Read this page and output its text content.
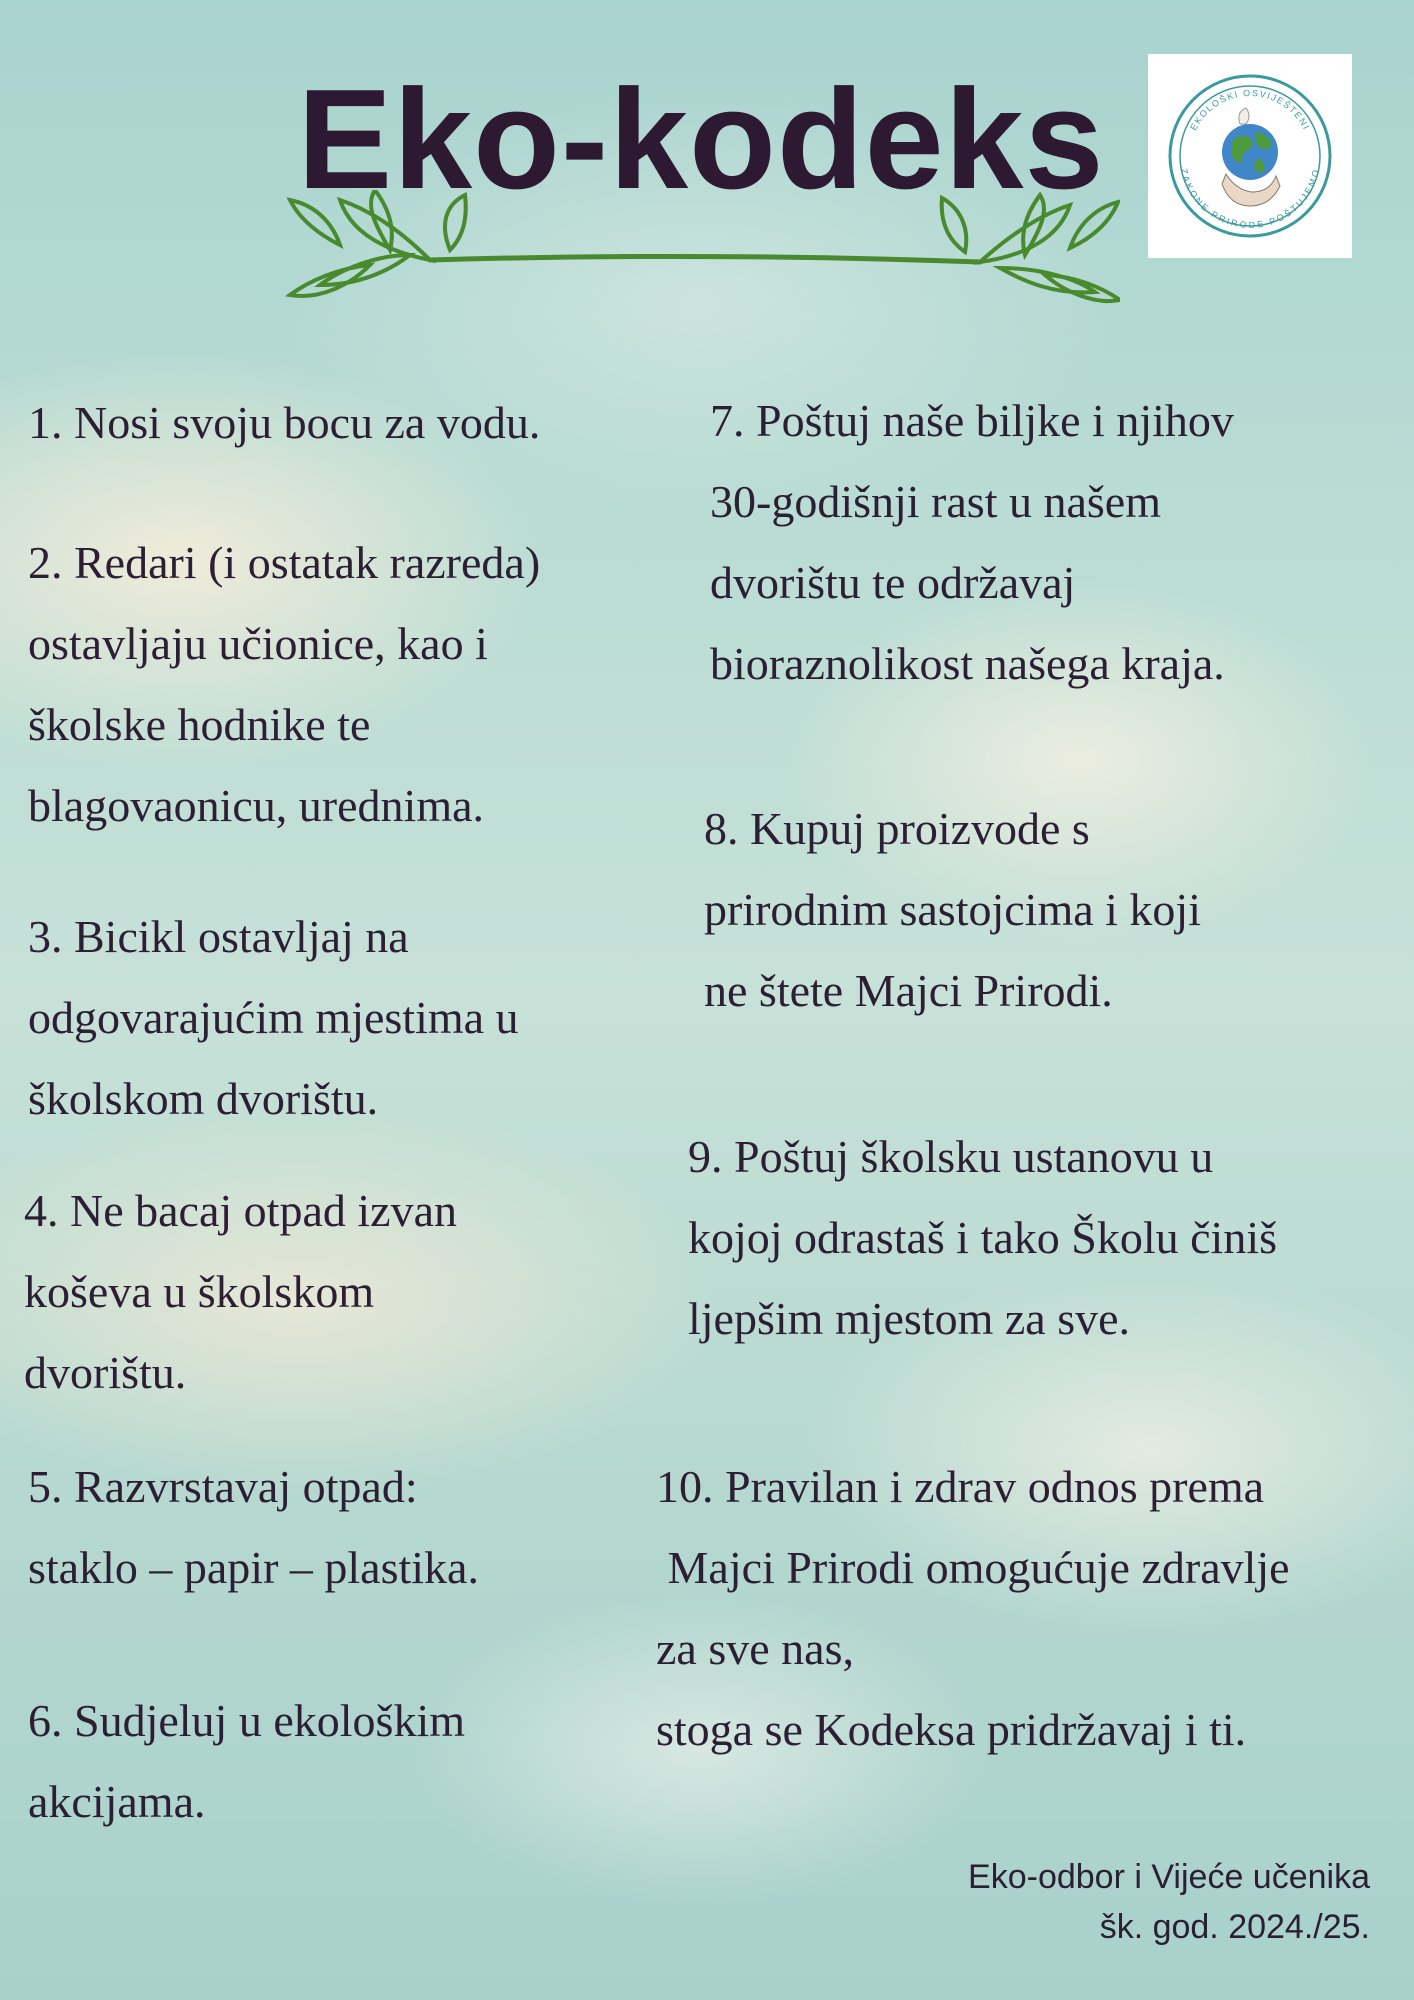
Eko-kodeks	EKOLOŠKI OSVIJEŠTENI
ZAKONE PRIRODE POŠTUJEMO

1. Nosi svoju bocu za vodu.

2. Redari (i ostatak razreda)
ostavljaju učionice, kao i
školske hodnike te
blagovaonicu, urednima.

3. Bicikl ostavljaj na
odgovarajućim mjestima u
školskom dvorištu.

4. Ne bacaj otpad izvan
koševa u školskom
dvorištu.

5. Razvrstavaj otpad:
staklo – papir – plastika.

6. Sudjeluj u ekološkim
akcijama.

7. Poštuj naše biljke i njihov
30-godišnji rast u našem
dvorištu te održavaj
bioraznolikost našega kraja.

8. Kupuj proizvode s
prirodnim sastojcima i koji
ne štete Majci Prirodi.

9. Poštuj školsku ustanovu u
kojoj odrastaš i tako Školu činiš
ljepšim mjestom za sve.

10. Pravilan i zdrav odnos prema
Majci Prirodi omogućuje zdravlje
za sve nas,
stoga se Kodeksa pridržavaj i ti.

Eko-odbor i Vijeće učenika
šk. god. 2024./25.
